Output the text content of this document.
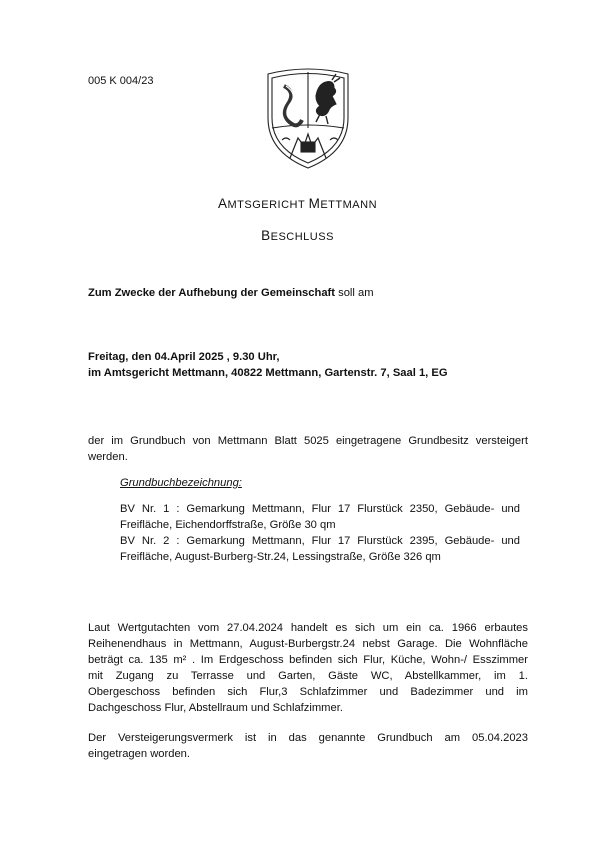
005 K 004/23
AMTSGERICHT METTMANN
BESCHLUSS
Zum Zwecke der Aufhebung der Gemeinschaft soll am
Freitag, den 04.April 2025 , 9.30 Uhr,
im Amtsgericht Mettmann, 40822 Mettmann, Gartenstr. 7, Saal 1, EG
der im Grundbuch von Mettmann Blatt 5025 eingetragene Grundbesitz versteigert
werden.
Grundbuchbezeichnung:
BV Nr. 1 : Gemarkung Mettmann, Flur 17 Flurstück 2350, Gebäude- und
Freifläche, Eichendorffstraße, Größe 30 qm
BV Nr. 2 : Gemarkung Mettmann, Flur 17 Flurstück 2395, Gebäude- und
Freifläche, August-Burberg-Str.24, Lessingstraße, Größe 326 qm
Laut Wertgutachten vom 27.04.2024 handelt es sich um ein ca. 1966 erbautes
Reihenendhaus in Mettmann, August-Burbergstr.24 nebst Garage. Die Wohnfläche
beträgt ca. 135 m² . Im Erdgeschoss befinden sich Flur, Küche, Wohn-/ Esszimmer
mit Zugang zu Terrasse und Garten, Gäste WC, Abstellkammer, im 1.
Obergeschoss befinden sich Flur,3 Schlafzimmer und Badezimmer und im
Dachgeschoss Flur, Abstellraum und Schlafzimmer.
Der Versteigerungsvermerk ist in das genannte Grundbuch am 05.04.2023
eingetragen worden.
